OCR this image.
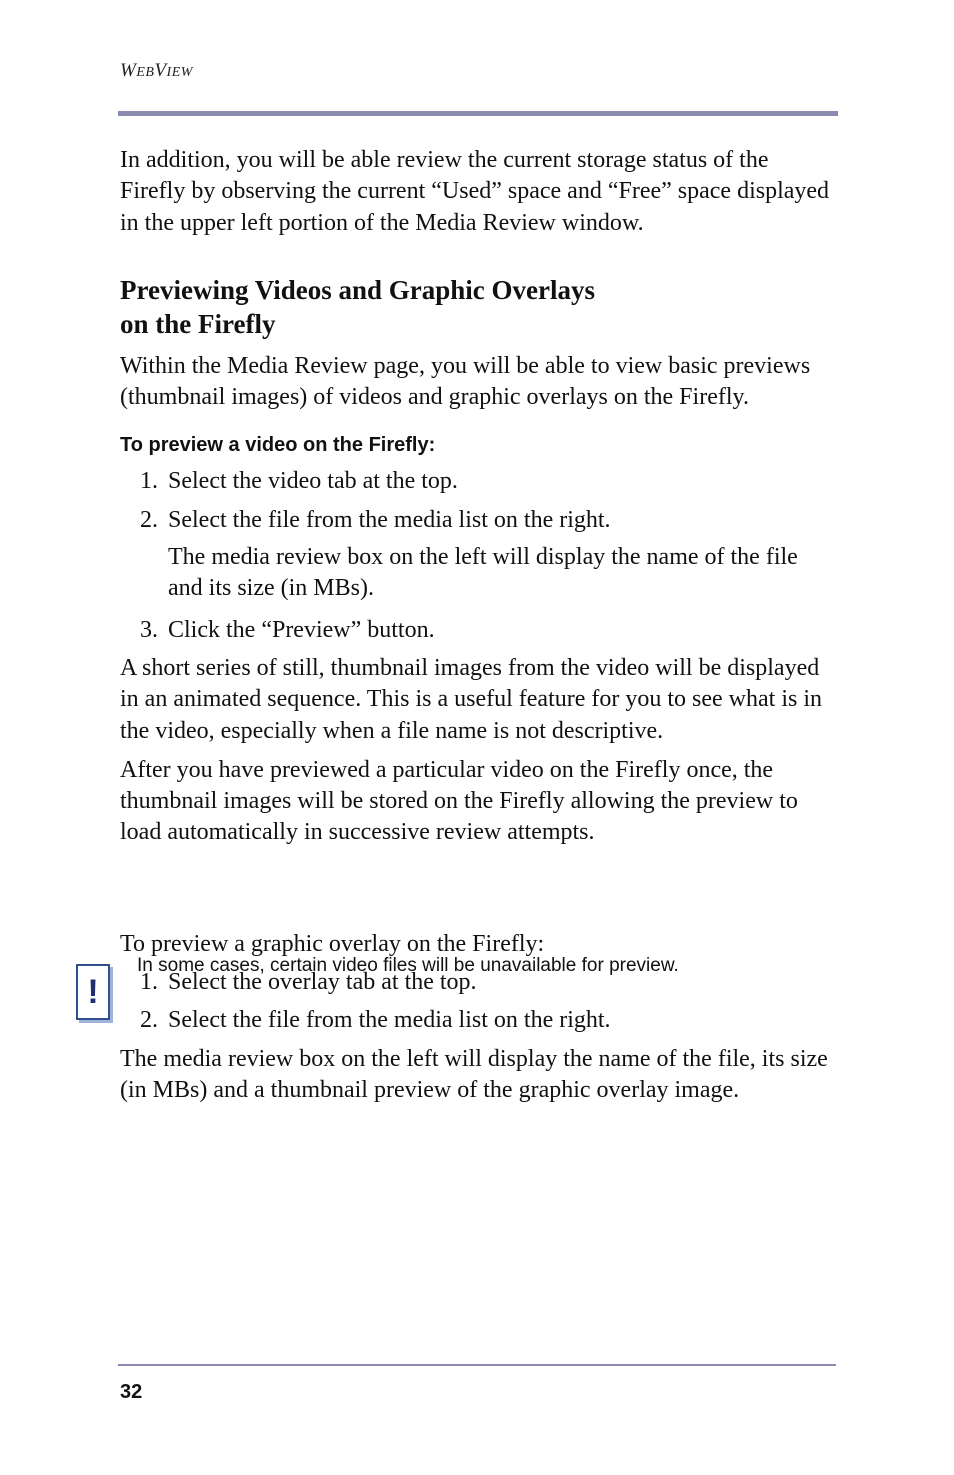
WEBVIEW

In addition, you will be able review the current storage status of the Firefly by observing the current “Used” space and “Free” space displayed in the upper left portion of the Media Review window.

Previewing Videos and Graphic Overlays
on the Firefly

Within the Media Review page, you will be able to view basic previews (thumbnail images) of videos and graphic overlays on the Firefly.

To preview a video on the Firefly:
1. Select the video tab at the top.
2. Select the file from the media list on the right.

The media review box on the left will display the name of the file and its size (in MBs).

3. Click the “Preview” button.

A short series of still, thumbnail images from the video will be displayed in an animated sequence. This is a useful feature for you to see what is in the video, especially when a file name is not descriptive.

After you have previewed a particular video on the Firefly once, the thumbnail images will be stored on the Firefly allowing the preview to load automatically in successive review attempts.

To preview a graphic overlay on the Firefly:

1. Select the overlay tab at the top.
2. Select the file from the media list on the right.

The media review box on the left will display the name of the file, its size (in MBs) and a thumbnail preview of the graphic overlay image.

!
In some cases, certain video files will be unavailable for preview.
32
